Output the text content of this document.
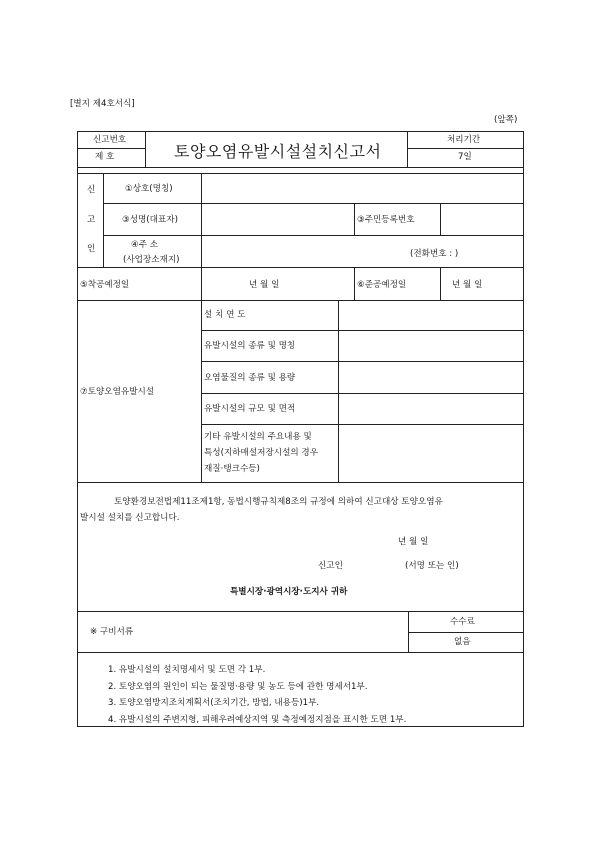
[별지 제4호서식]
(앞쪽)
신고번호
제 호	토양오염유발시설설치신고서
처리기간
7일
신
고
인
①상호(명칭)
③성명(대표자)	③주민등록번호
④주 소
(사업장소재지)
(전화번호 : )
⑤착공예정일	년 월 일	⑥준공예정일	년 월 일
⑦토양오염유발시설
설 치 연 도
유발시설의 종류 및 명칭
오염물질의 종류 및 용량
유발시설의 규모 및 면적
기타 유발시설의 주요내용 및
특성(지하매설저장시설의 경우
재질·탱크수등)
토양환경보전법제11조제1항, 동법시행규칙제8조의 규정에 의하여 신고대상 토양오염유
발시설 설치를 신고합니다.
년 월 일
신고인	(서명 또는 인)
특별시장·광역시장·도지사 귀하
※ 구비서류
수수료
없음
1. 유발시설의 설치명세서 및 도면 각 1부.
2. 토양오염의 원인이 되는 물질명·용량 및 농도 등에 관한 명세서1부.
3. 토양오염방지조치계획서(조치기간, 방법, 내용등)1부.
4. 유발시설의 주변지형, 피해우려예상지역 및 측정예정지점을 표시한 도면 1부.
